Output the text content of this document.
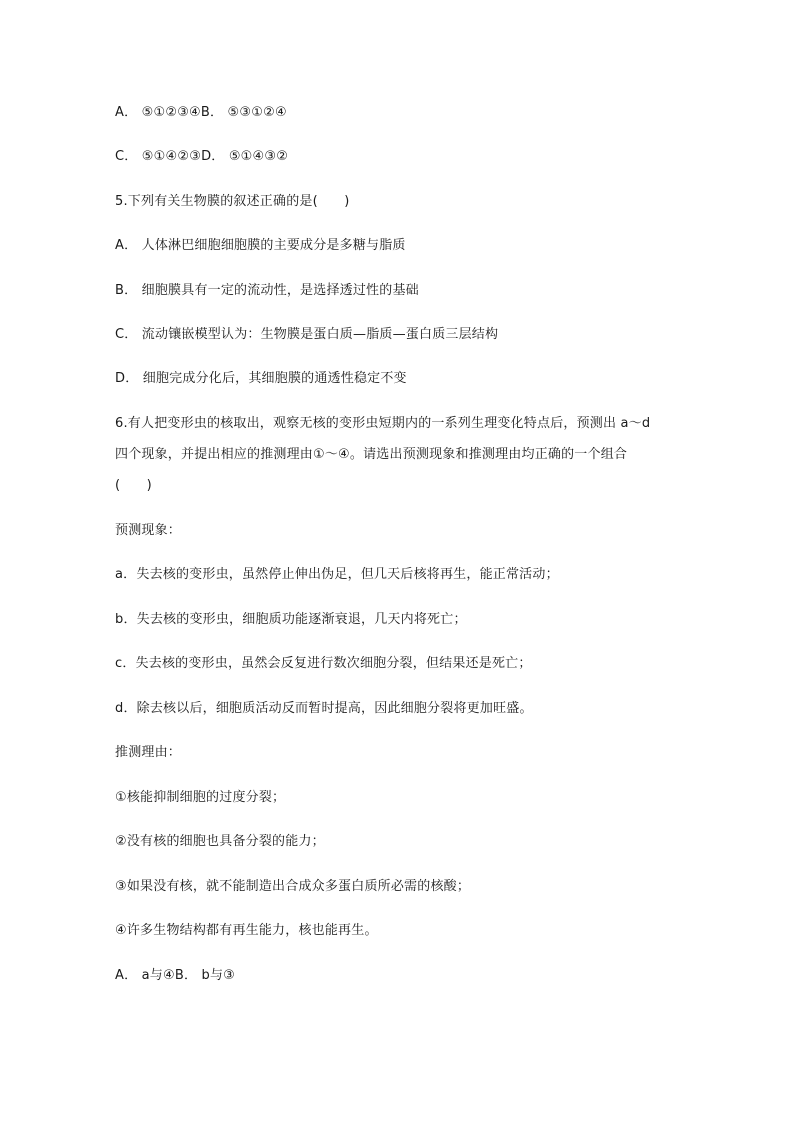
A． ⑤①②③④B． ⑤③①②④
C． ⑤①④②③D． ⑤①④③②
5.下列有关生物膜的叙述正确的是(　　)
A． 人体淋巴细胞细胞膜的主要成分是多糖与脂质
B． 细胞膜具有一定的流动性，是选择透过性的基础
C． 流动镶嵌模型认为：生物膜是蛋白质—脂质—蛋白质三层结构
D． 细胞完成分化后，其细胞膜的通透性稳定不变
6.有人把变形虫的核取出，观察无核的变形虫短期内的一系列生理变化特点后，预测出 a～d
四个现象，并提出相应的推测理由①～④。请选出预测现象和推测理由均正确的一个组合
(　　)
预测现象：
a．失去核的变形虫，虽然停止伸出伪足，但几天后核将再生，能正常活动；
b．失去核的变形虫，细胞质功能逐渐衰退，几天内将死亡；
c．失去核的变形虫，虽然会反复进行数次细胞分裂，但结果还是死亡；
d．除去核以后，细胞质活动反而暂时提高，因此细胞分裂将更加旺盛。
推测理由：
①核能抑制细胞的过度分裂；
②没有核的细胞也具备分裂的能力；
③如果没有核，就不能制造出合成众多蛋白质所必需的核酸；
④许多生物结构都有再生能力，核也能再生。
A． a与④B． b与③
